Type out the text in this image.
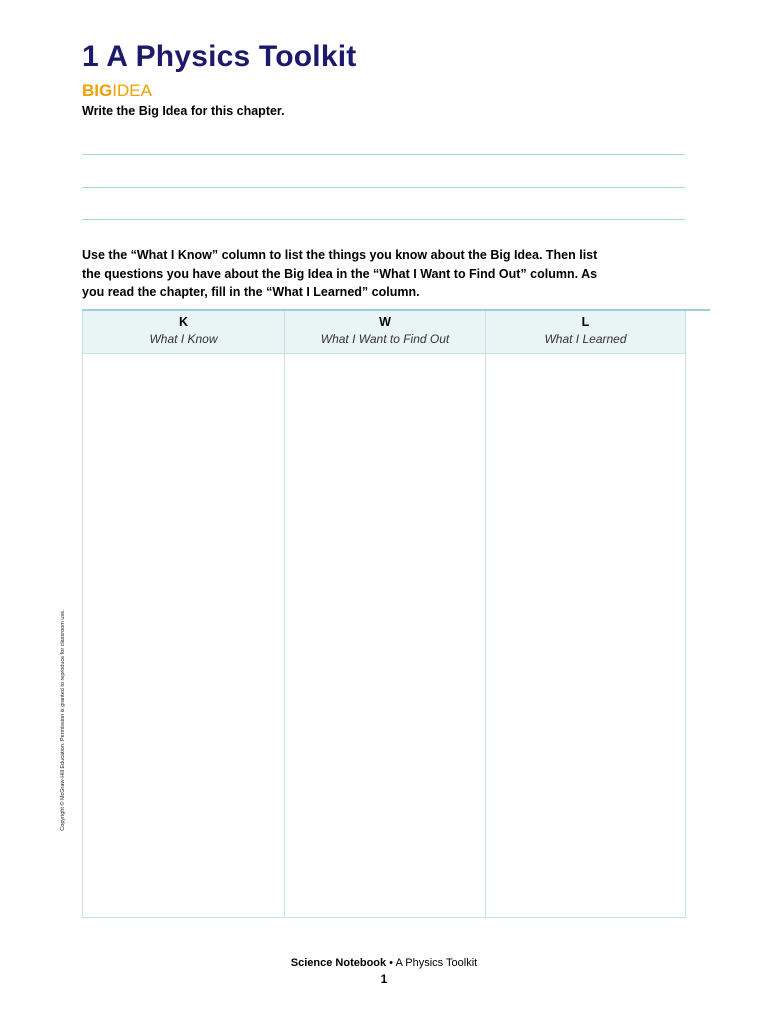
1 A Physics Toolkit
BIGIDEA
Write the Big Idea for this chapter.
Use the “What I Know” column to list the things you know about the Big Idea. Then list
the questions you have about the Big Idea in the “What I Want to Find Out” column. As
you read the chapter, fill in the “What I Learned” column.
K
What I Know
W
What I Want to Find Out
L
What I Learned
Copyright © McGraw-Hill Education. Permission is granted to reproduce for classroom use.
Science Notebook • A Physics Toolkit
1
